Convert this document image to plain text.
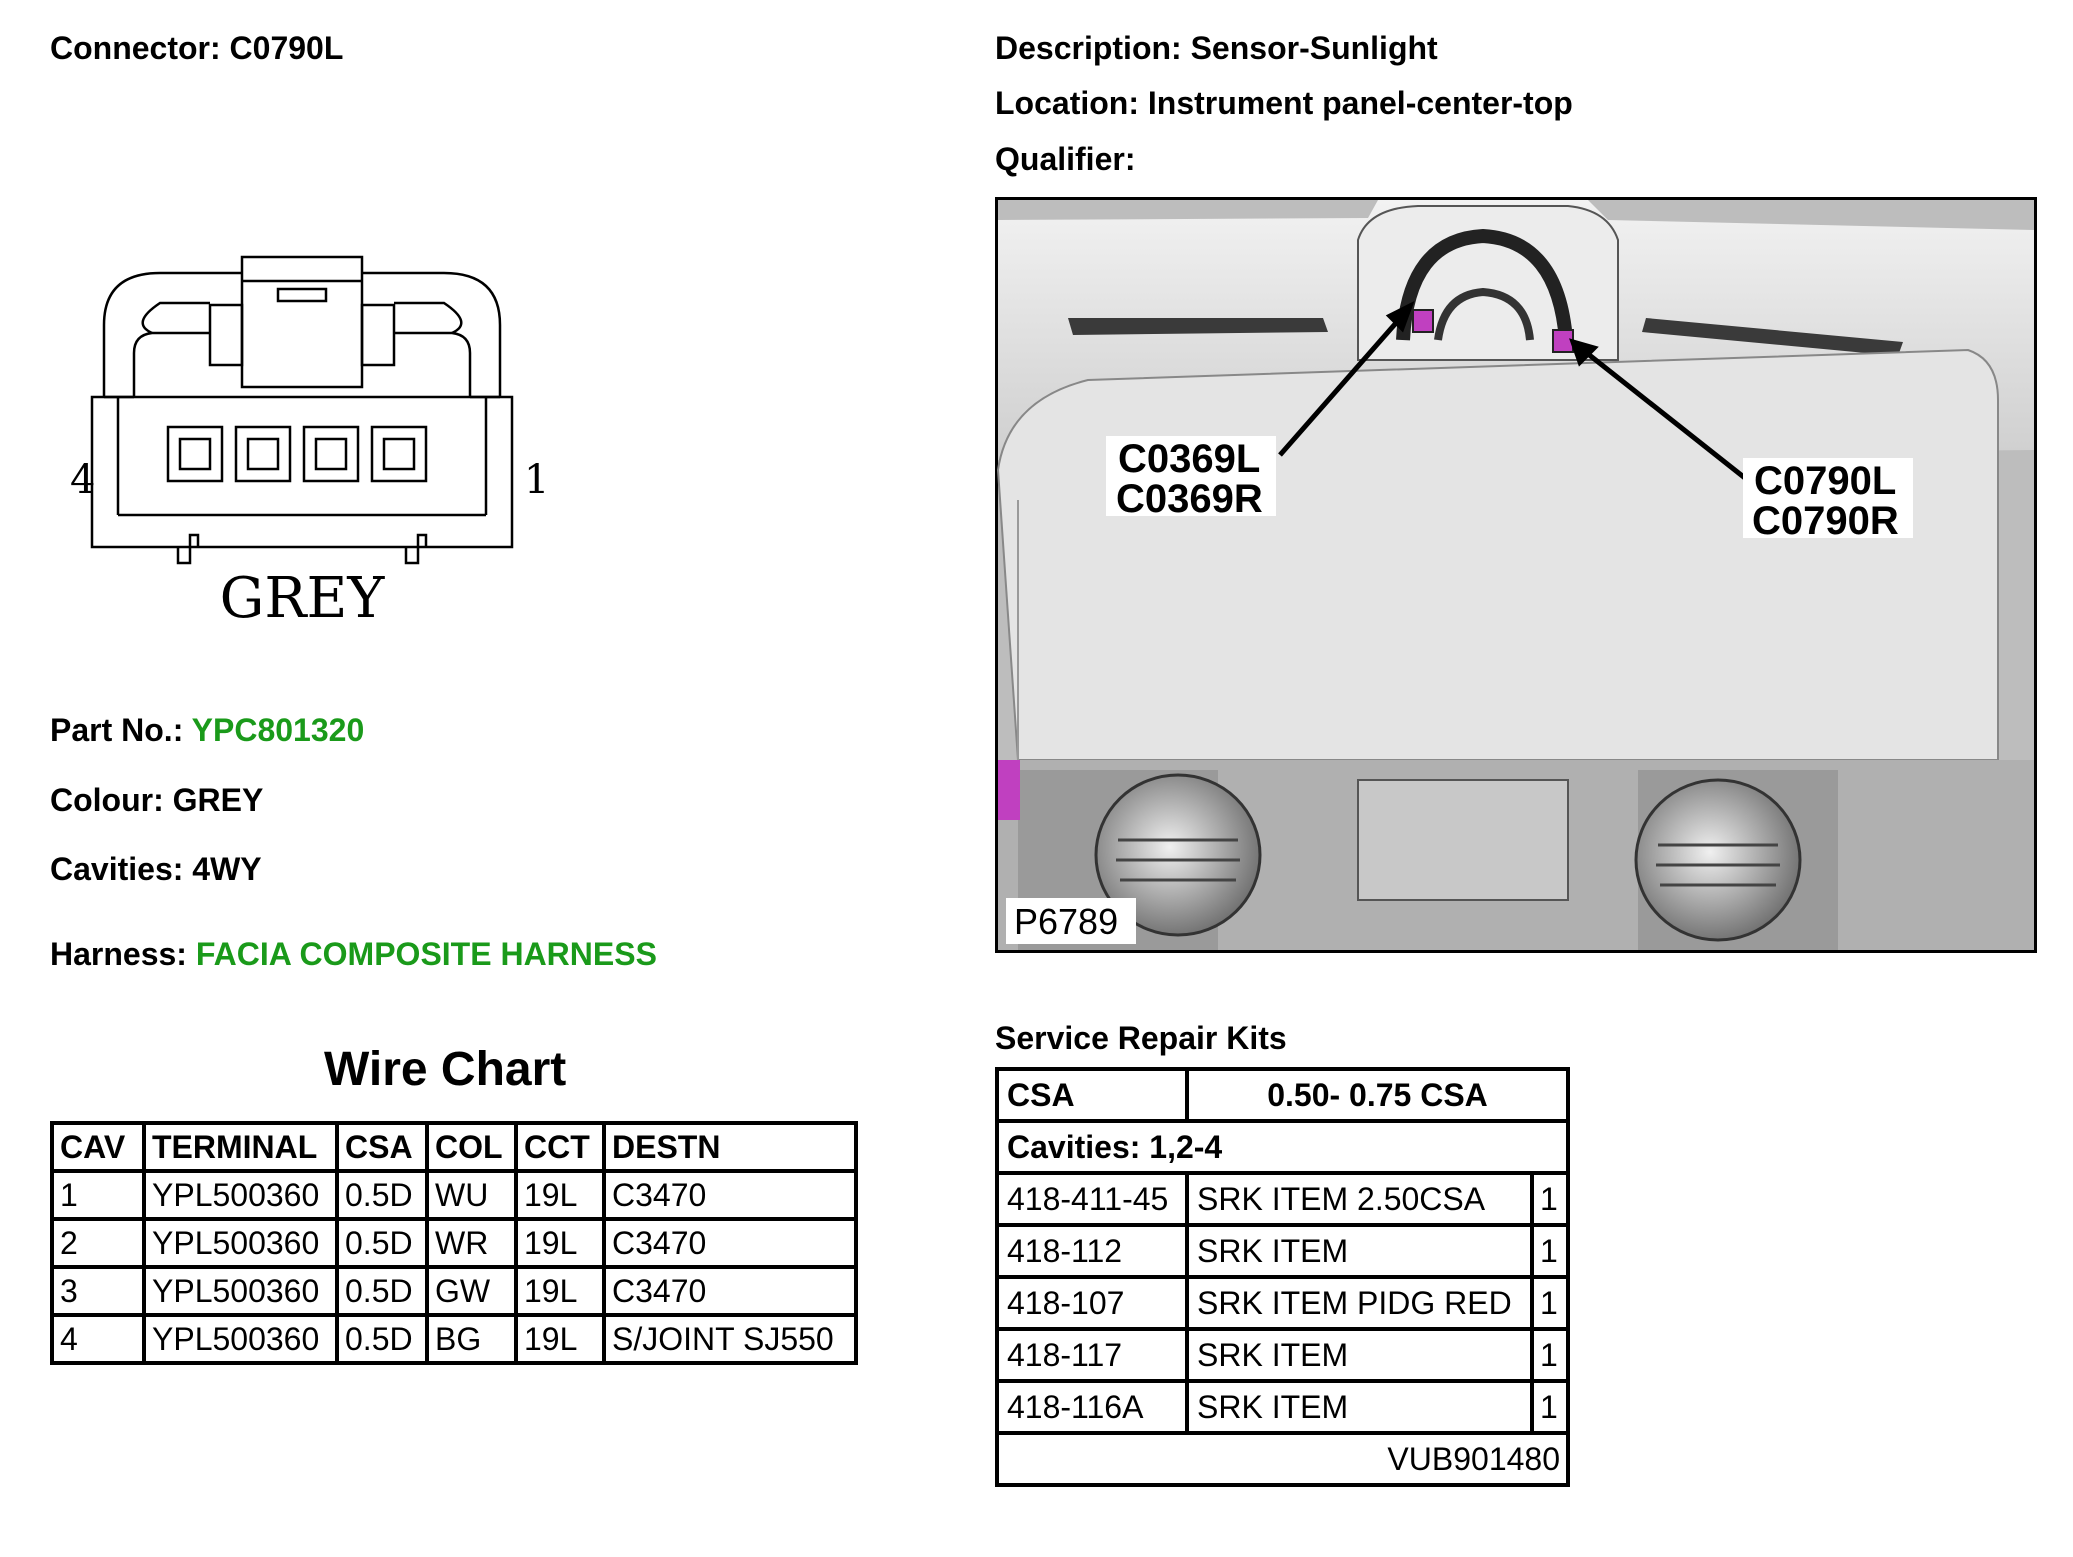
Connector: C0790L	Description: Sensor-Sunlight
Location: Instrument panel-center-top
Qualifier:
4	1
GREY
Part No.: YPC801320
Colour: GREY
Cavities: 4WY
Harness: FACIA COMPOSITE HARNESS
C0369L
C0369R	C0790L
C0790R
P6789
Wire Chart
CAV	TERMINAL	CSA	COL	CCT	DESTN
1	YPL500360	0.5D	WU	19L	C3470
2	YPL500360	0.5D	WR	19L	C3470
3	YPL500360	0.5D	GW	19L	C3470
4	YPL500360	0.5D	BG	19L	S/JOINT SJ550
Service Repair Kits
CSA	0.50- 0.75 CSA	
Cavities: 1,2-4		
418-411-45	SRK ITEM 2.50CSA	1
418-112	SRK ITEM	1
418-107	SRK ITEM PIDG RED	1
418-117	SRK ITEM	1
418-116A	SRK ITEM	1
VUB901480		
